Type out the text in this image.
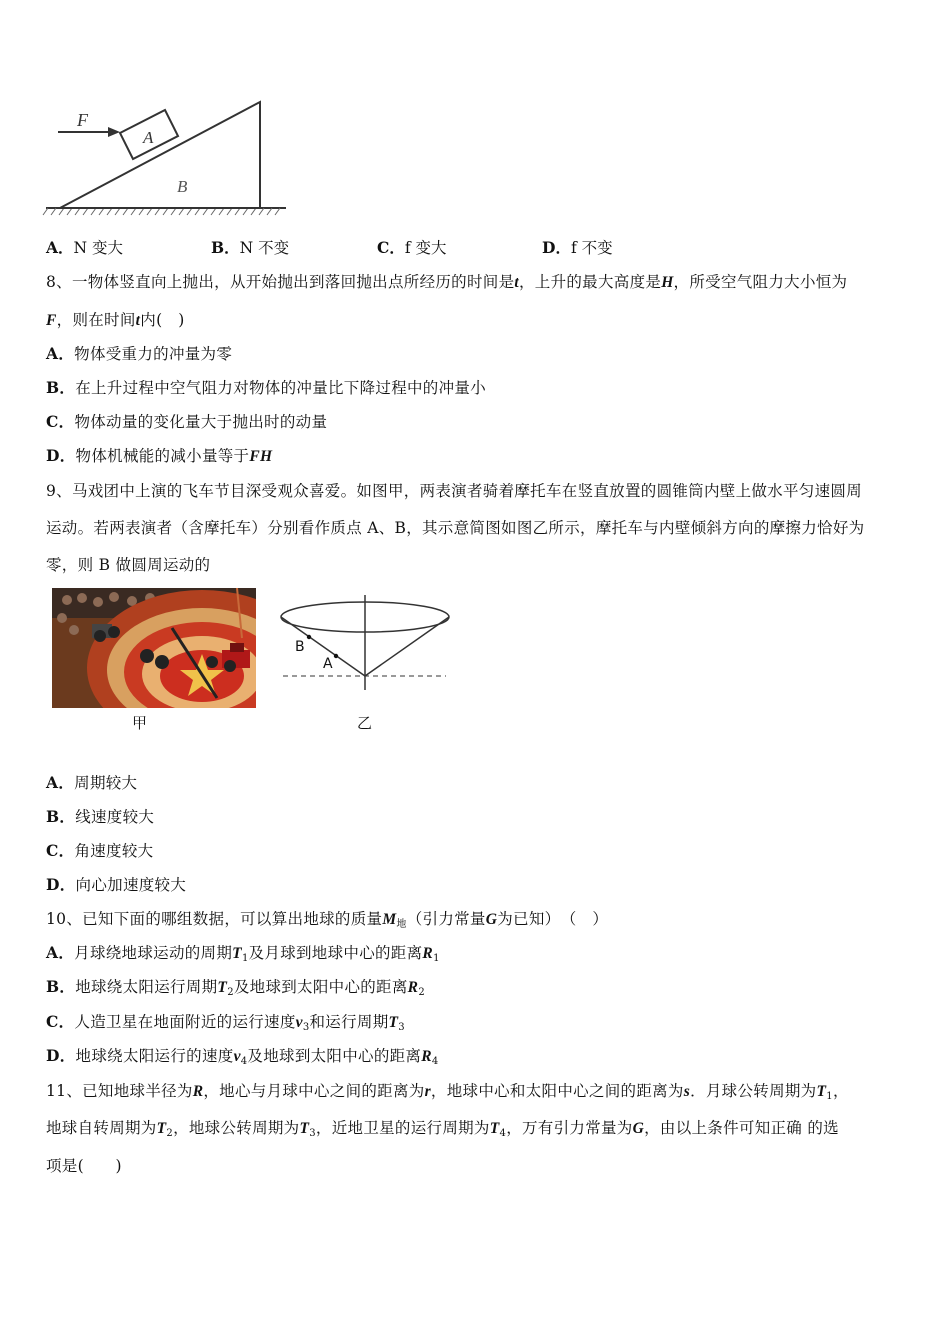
F
A
B
A．N 变大	B．N 不变	C．f 变大	D．f 不变
8、一物体竖直向上抛出，从开始抛出到落回抛出点所经历的时间是t，上升的最大高度是H，所受空气阻力大小恒为
F，则在时间t内(　)
A．物体受重力的冲量为零
B．在上升过程中空气阻力对物体的冲量比下降过程中的冲量小
C．物体动量的变化量大于抛出时的动量
D．物体机械能的减小量等于FH
9、马戏团中上演的飞车节目深受观众喜爱。如图甲，两表演者骑着摩托车在竖直放置的圆锥筒内壁上做水平匀速圆周
运动。若两表演者（含摩托车）分别看作质点 A、B，其示意简图如图乙所示，摩托车与内壁倾斜方向的摩擦力恰好为
零，则 B 做圆周运动的
甲
B
A
乙
A．周期较大
B．线速度较大
C．角速度较大
D．向心加速度较大
10、已知下面的哪组数据，可以算出地球的质量$M_地$（引力常量G为已知）　（　）
A．月球绕地球运动的周期$T_1$及月球到地球中心的距离$R_1$
B．地球绕太阳运行周期$T_2$及地球到太阳中心的距离$R_2$
C．人造卫星在地面附近的运行速度$v_3$和运行周期$T_3$
D．地球绕太阳运行的速度$v_4$及地球到太阳中心的距离$R_4$
11、已知地球半径为R，地心与月球中心之间的距离为r，地球中心和太阳中心之间的距离为s．月球公转周期为$T_1$，
地球自转周期为$T_2$，地球公转周期为$T_3$，近地卫星的运行周期为$T_4$，万有引力常量为G，由以上条件可知正确 的选
项是(　　)
